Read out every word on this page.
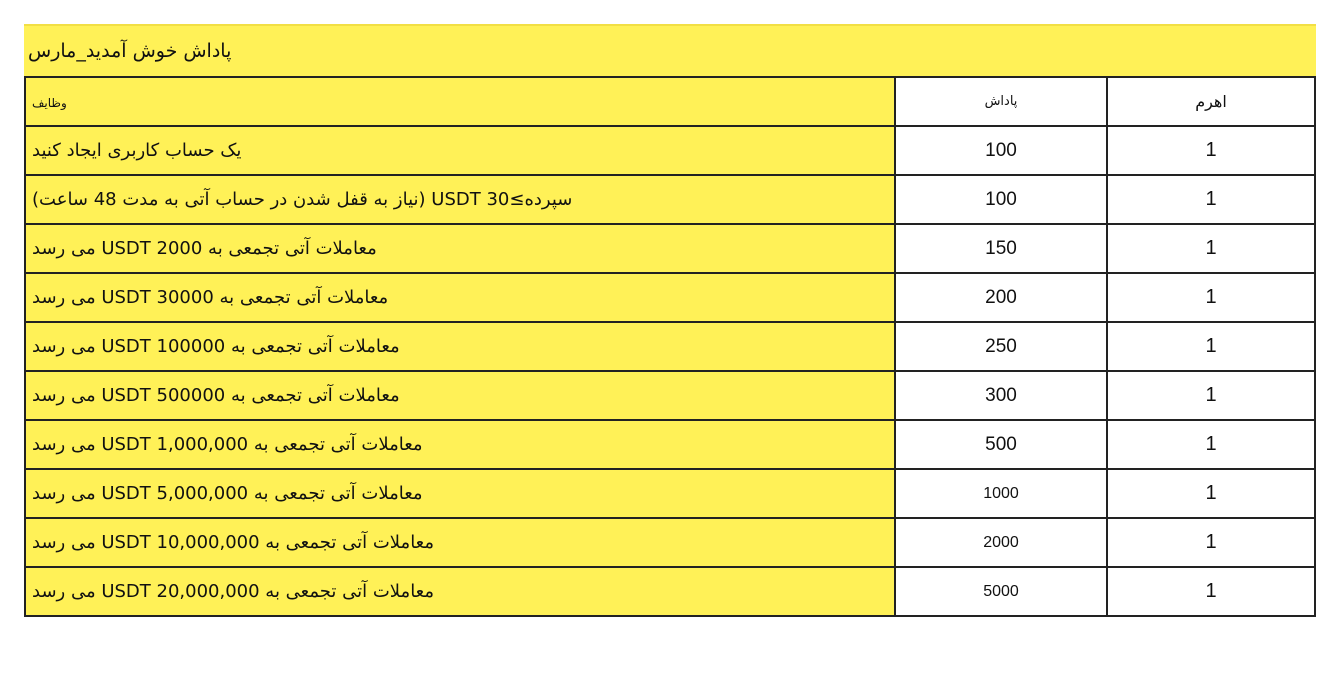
پاداش خوش آمدید_مارس
وظایف	پاداش	اهرم
یک حساب کاربری ایجاد کنید	100	1
سپرده≥30 USDT (نیاز به قفل شدن در حساب آتی به مدت 48 ساعت)	100	1
معاملات آتی تجمعی به 2000 USDT می رسد	150	1
معاملات آتی تجمعی به 30000 USDT می رسد	200	1
معاملات آتی تجمعی به 100000 USDT می رسد	250	1
معاملات آتی تجمعی به 500000 USDT می رسد	300	1
معاملات آتی تجمعی به 1,000,000 USDT می رسد	500	1
معاملات آتی تجمعی به 5,000,000 USDT می رسد	1000	1
معاملات آتی تجمعی به 10,000,000 USDT می رسد	2000	1
معاملات آتی تجمعی به 20,000,000 USDT می رسد	5000	1
